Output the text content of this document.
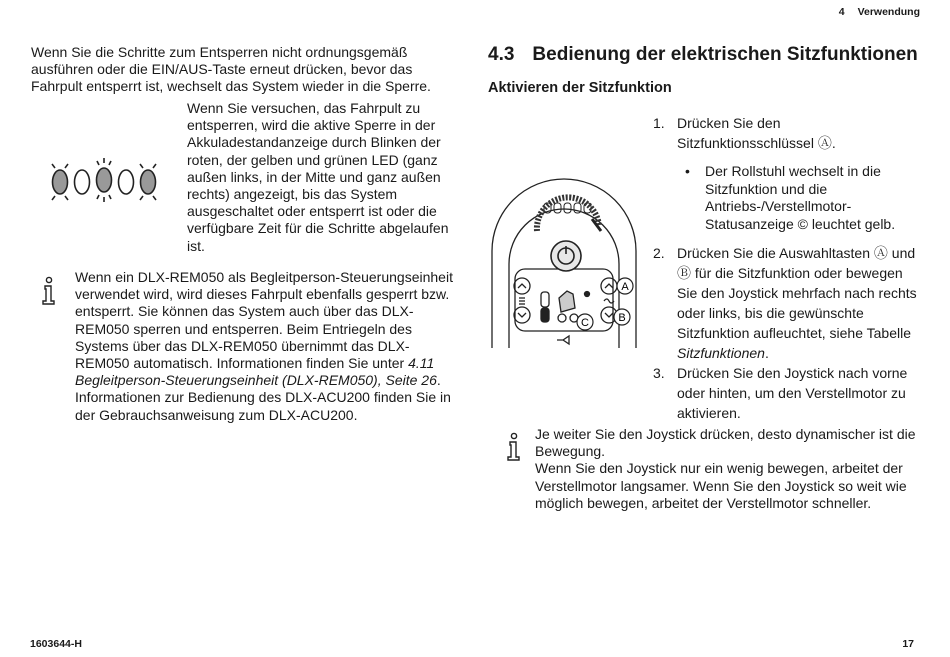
4 Verwendung
Wenn Sie die Schritte zum Entsperren nicht ordnungsgemäß ausführen oder die EIN/AUS-Taste erneut drücken, bevor das Fahrpult entsperrt ist, wechselt das System wieder in die Sperre.
Wenn Sie versuchen, das Fahrpult zu entsperren, wird die aktive Sperre in der Akkuladestandanzeige durch Blinken der roten, der gelben und grünen LED (ganz außen links, in der Mitte und ganz außen rechts) angezeigt, bis das System ausgeschaltet oder entsperrt ist oder die verfügbare Zeit für die Schritte abgelaufen ist.
Wenn ein DLX-REM050 als Begleitperson-Steuerungseinheit verwendet wird, wird dieses Fahrpult ebenfalls gesperrt bzw. entsperrt. Sie können das System auch über das DLX-REM050 sperren und entsperren. Beim Entriegeln des Systems über das DLX-REM050 übernimmt das DLX-REM050 automatisch. Informationen finden Sie unter 4.11 Begleitperson-Steuerungseinheit (DLX-REM050), Seite 26.
Informationen zur Bedienung des DLX-ACU200 finden Sie in der Gebrauchsanweisung zum DLX-ACU200.
4.3 Bedienung der elektrischen Sitzfunktionen
Aktivieren der Sitzfunktion
A
B
C
1. Drücken Sie den Sitzfunktionsschlüssel Ⓐ.
• Der Rollstuhl wechselt in die Sitzfunktion und die Antriebs-/Verstellmotor-Statusanzeige © leuchtet gelb.
2. Drücken Sie die Auswahltasten Ⓐ und Ⓑ für die Sitzfunktion oder bewegen Sie den Joystick mehrfach nach rechts oder links, bis die gewünschte Sitzfunktion aufleuchtet, siehe Tabelle Sitzfunktionen.
3. Drücken Sie den Joystick nach vorne oder hinten, um den Verstellmotor zu aktivieren.
Je weiter Sie den Joystick drücken, desto dynamischer ist die Bewegung.
Wenn Sie den Joystick nur ein wenig bewegen, arbeitet der Verstellmotor langsamer. Wenn Sie den Joystick so weit wie möglich bewegen, arbeitet der Verstellmotor schneller.
1603644-H	17
